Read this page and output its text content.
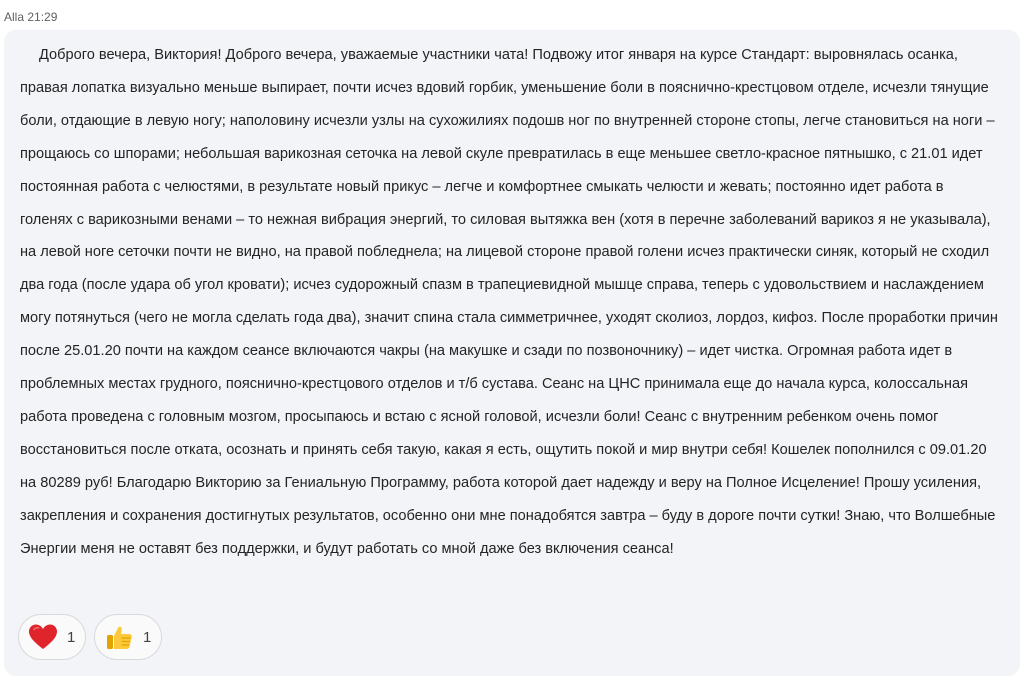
Alla 21:29

Доброго вечера, Виктория! Доброго вечера, уважаемые участники чата! Подвожу итог января на курсе Стандарт: выровнялась осанка, правая лопатка визуально меньше выпирает, почти исчез вдовий горбик, уменьшение боли в пояснично-крестцовом отделе, исчезли тянущие боли, отдающие в левую ногу; наполовину исчезли узлы на сухожилиях подошв ног по внутренней стороне стопы, легче становиться на ноги –прощаюсь со шпорами; небольшая варикозная сеточка на левой скуле превратилась в еще меньшее светло-красное пятнышко, с 21.01 идет постоянная работа с челюстями, в результате новый прикус – легче и комфортнее смыкать челюсти и жевать; постоянно идет работа в голенях с варикозными венами – то нежная вибрация энергий, то силовая вытяжка вен (хотя в перечне заболеваний варикоз я не указывала), на левой ноге сеточки почти не видно, на правой побледнела; на лицевой стороне правой голени исчез практически синяк, который не сходил два года (после удара об угол кровати); исчез судорожный спазм в трапециевидной мышце справа, теперь с удовольствием и наслаждением могу потянуться (чего не могла сделать года два), значит спина стала симметричнее, уходят сколиоз, лордоз, кифоз. После проработки причин после 25.01.20 почти на каждом сеансе включаются чакры (на макушке и сзади по позвоночнику) – идет чистка. Огромная работа идет в проблемных местах грудного, пояснично-крестцового отделов и т/б сустава. Сеанс на ЦНС принимала еще до начала курса, колоссальная работа проведена с головным мозгом, просыпаюсь и встаю с ясной головой, исчезли боли! Сеанс с внутренним ребенком очень помог восстановиться после отката, осознать и принять себя такую, какая я есть, ощутить покой и мир внутри себя! Кошелек пополнился с 09.01.20 на 80289 руб! Благодарю Викторию за Гениальную Программу, работа которой дает надежду и веру на Полное Исцеление! Прошу усиления, закрепления и сохранения достигнутых результатов, особенно они мне понадобятся завтра – буду в дороге почти сутки! Знаю, что Волшебные Энергии меня не оставят без поддержки, и будут работать со мной даже без включения сеанса!

1	1
